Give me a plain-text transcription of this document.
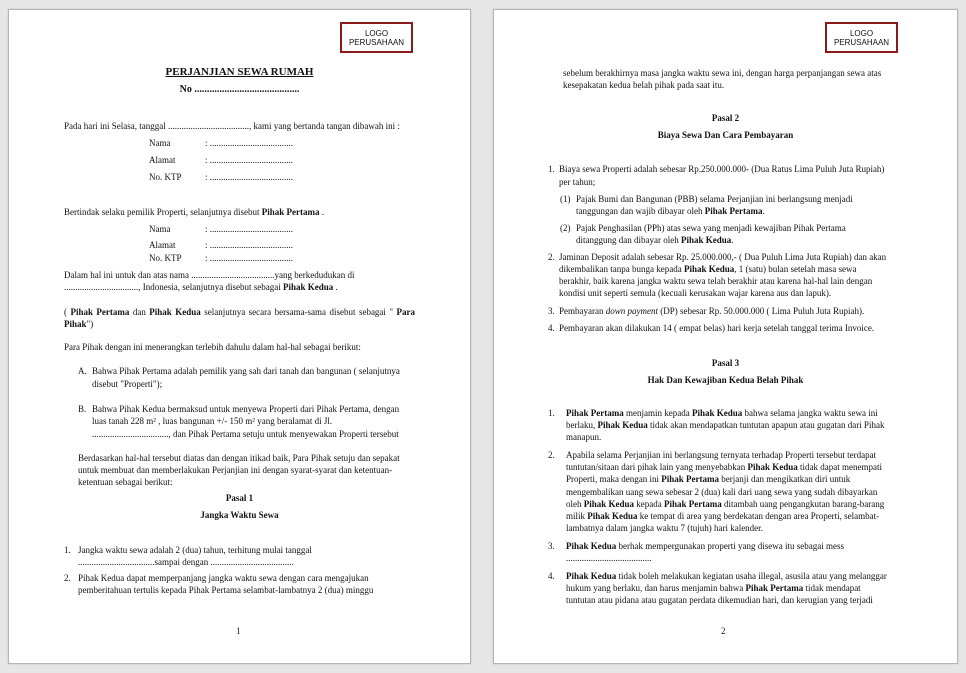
LOGO PERUSAHAAN
PERJANJIAN SEWA RUMAH
No ..........................................
Pada hari ini Selasa, tanggal ...................................., kami yang bertanda tangan dibawah ini :
Nama	: .....................................
Alamat	: .....................................
No. KTP	: .....................................
Bertindak selaku pemilik Properti, selanjutnya disebut Pihak Pertama .
Nama	: .....................................
Alamat	: .....................................
No. KTP	: .....................................
Dalam hal ini untuk dan atas nama .....................................yang berkedudukan di
................................., Indonesia, selanjutnya disebut sebagai Pihak Kedua .
( Pihak Pertama dan Pihak Kedua selanjutnya secara bersama-sama disebut sebagai " Para Pihak")
Para Pihak dengan ini menerangkan terlebih dahulu dalam hal-hal sebagai berikut:
A. Bahwa Pihak Pertama adalah pemilik yang sah dari tanah dan bangunan ( selanjutnya
disebut "Properti");
B. Bahwa Pihak Kedua bermaksud untuk menyewa Properti dari Pihak Pertama, dengan
luas tanah 228 m² , luas bangunan +/- 150 m² yang beralamat di Jl.
.................................., dan Pihak Pertama setuju untuk menyewakan Properti tersebut
Berdasarkan hal-hal tersebut diatas dan dengan itikad baik, Para Pihak setuju dan sepakat
untuk membuat dan memberlakukan Perjanjian ini dengan syarat-syarat dan ketentuan-
ketentuan sebagai berikut:
Pasal 1
Jangka Waktu Sewa
1. Jangka waktu sewa adalah 2 (dua) tahun, terhitung mulai tanggal
..................................sampai dengan .....................................
2. Pihak Kedua dapat memperpanjang jangka waktu sewa dengan cara mengajukan
pemberitahuan tertulis kepada Pihak Pertama selambat-lambatnya 2 (dua) minggu
1
LOGO PERUSAHAAN
sebelum berakhirnya masa jangka waktu sewa ini, dengan harga perpanjangan sewa atas
kesepakatan kedua belah pihak pada saat itu.
Pasal 2
Biaya Sewa Dan Cara Pembayaran
1. Biaya sewa Properti adalah sebesar Rp.250.000.000- (Dua Ratus Lima Puluh Juta Rupiah)
per tahun;
(1) Pajak Bumi dan Bangunan (PBB) selama Perjanjian ini berlangsung menjadi
tanggungan dan wajib dibayar oleh Pihak Pertama.
(2) Pajak Penghasilan (PPh) atas sewa yang menjadi kewajiban Pihak Pertama
ditanggung dan dibayar oleh Pihak Kedua.
2. Jaminan Deposit adalah sebesar Rp. 25.000.000,- ( Dua Puluh Lima Juta Rupiah) dan akan
dikembalikan tanpa bunga kepada Pihak Kedua, 1 (satu) bulan setelah masa sewa
berakhir, baik karena jangka waktu sewa telah berakhir atau karena hal-hal lain dengan
kondisi unit seperti semula (kecuali kerusakan wajar karena aus dan lapuk).
3. Pembayaran down payment (DP) sebesar Rp. 50.000.000 ( Lima Puluh Juta Rupiah).
4. Pembayaran akan dilakukan 14 ( empat belas) hari kerja setelah tanggal terima Invoice.
Pasal 3
Hak Dan Kewajiban Kedua Belah Pihak
1. Pihak Pertama menjamin kepada Pihak Kedua bahwa selama jangka waktu sewa ini
berlaku, Pihak Kedua tidak akan mendapatkan tuntutan apapun atau gugatan dari Pihak
manapun.
2. Apabila selama Perjanjian ini berlangsung ternyata terhadap Properti tersebut terdapat
tuntutan/sitaan dari pihak lain yang menyebabkan Pihak Kedua tidak dapat menempati
Properti, maka dengan ini Pihak Pertama berjanji dan mengikatkan diri untuk
mengembalikan uang sewa sebesar 2 (dua) kali dari uang sewa yang sudah dibayarkan
oleh Pihak Kedua kepada Pihak Pertama ditambah uang pengangkutan barang-barang
milik Pihak Kedua ke tempat di area yang berdekatan dengan area Properti, selambat-
lambatnya dalam jangka waktu 7 (tujuh) hari kalender.
3. Pihak Kedua berhak mempergunakan properti yang disewa itu sebagai mess
......................................
4. Pihak Kedua tidak boleh melakukan kegiatan usaha illegal, asusila atau yang melanggar
hukum yang berlaku, dan harus menjamin bahwa Pihak Pertama tidak mendapat
tuntutan atau pidana atau gugatan perdata dikemudian hari, dan kerugian yang terjadi
2
